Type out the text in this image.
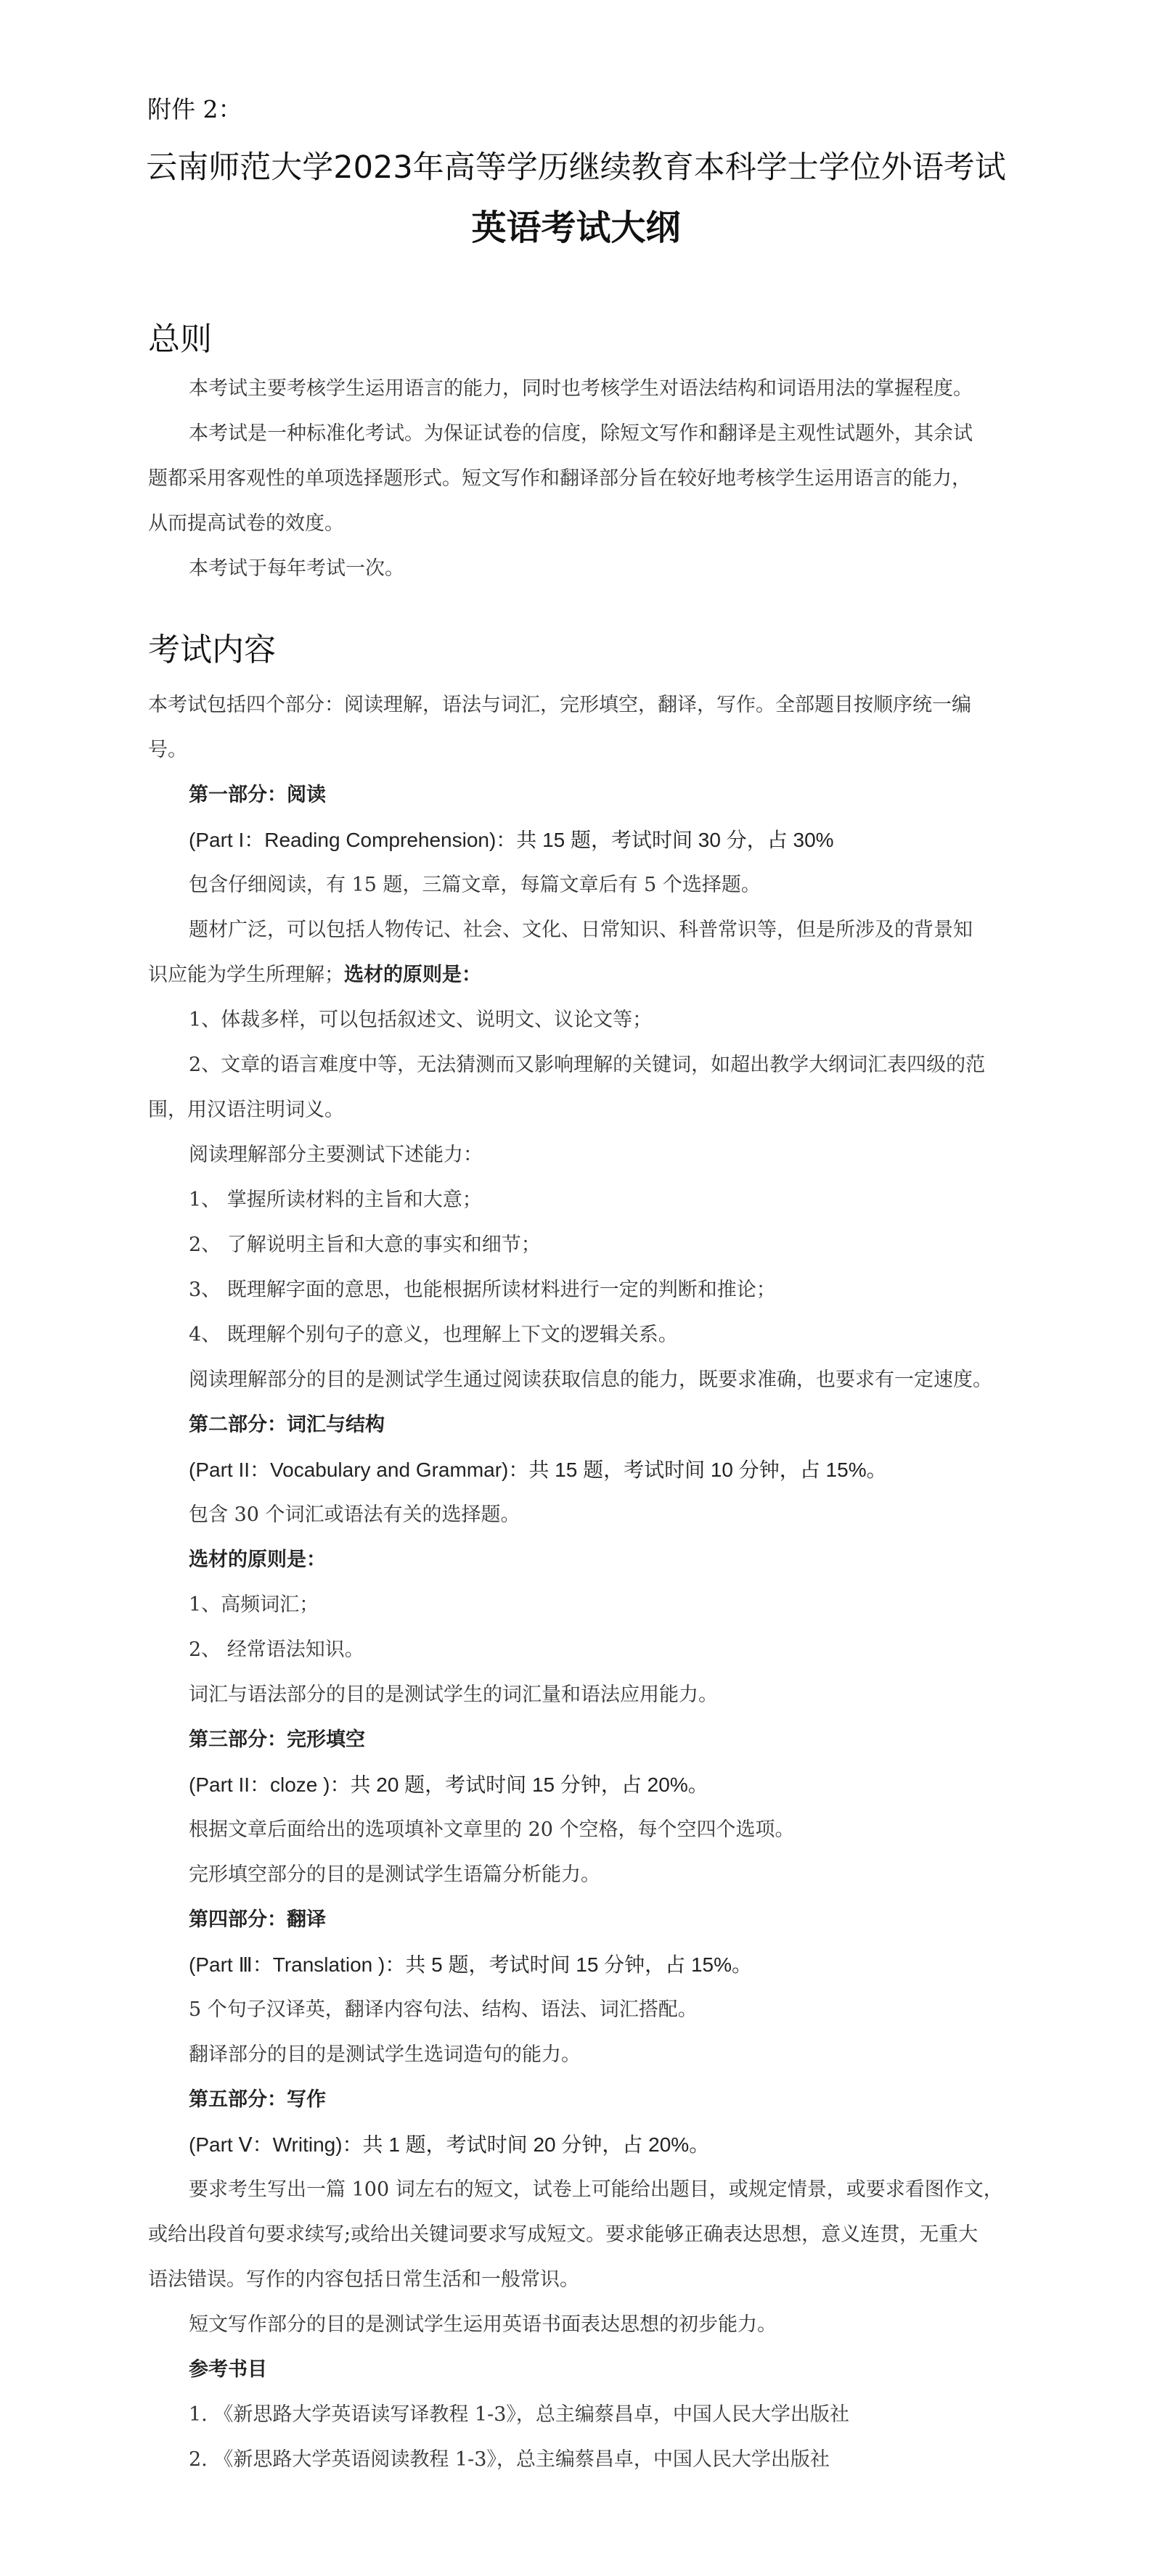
附件 2：
云南师范大学2023年高等学历继续教育本科学士学位外语考试
英语考试大纲
总则
本考试主要考核学生运用语言的能力，同时也考核学生对语法结构和词语用法的掌握程度。
本考试是一种标准化考试。为保证试卷的信度，除短文写作和翻译是主观性试题外，其余试
题都采用客观性的单项选择题形式。短文写作和翻译部分旨在较好地考核学生运用语言的能力，
从而提高试卷的效度。
本考试于每年考试一次。
考试内容
本考试包括四个部分：阅读理解，语法与词汇，完形填空，翻译，写作。全部题目按顺序统一编
号。
第一部分：阅读
(Part I：Reading Comprehension)：共 15 题，考试时间 30 分，占 30%
包含仔细阅读，有 15 题，三篇文章，每篇文章后有 5 个选择题。
题材广泛，可以包括人物传记、社会、文化、日常知识、科普常识等，但是所涉及的背景知
识应能为学生所理解；选材的原则是：
1、体裁多样，可以包括叙述文、说明文、议论文等；
2、文章的语言难度中等，无法猜测而又影响理解的关键词，如超出教学大纲词汇表四级的范
围，用汉语注明词义。
阅读理解部分主要测试下述能力：
1、 掌握所读材料的主旨和大意；
2、 了解说明主旨和大意的事实和细节；
3、 既理解字面的意思，也能根据所读材料进行一定的判断和推论；
4、 既理解个别句子的意义，也理解上下文的逻辑关系。
阅读理解部分的目的是测试学生通过阅读获取信息的能力，既要求准确，也要求有一定速度。
第二部分：词汇与结构
(Part II：Vocabulary and Grammar)：共 15 题，考试时间 10 分钟，占 15%。
包含 30 个词汇或语法有关的选择题。
选材的原则是：
1、高频词汇；
2、 经常语法知识。
词汇与语法部分的目的是测试学生的词汇量和语法应用能力。
第三部分：完形填空
(Part II：cloze )：共 20 题，考试时间 15 分钟，占 20%。
根据文章后面给出的选项填补文章里的 20 个空格，每个空四个选项。
完形填空部分的目的是测试学生语篇分析能力。
第四部分：翻译
(Part Ⅲ：Translation )：共 5 题，考试时间 15 分钟，占 15%。
5 个句子汉译英，翻译内容句法、结构、语法、词汇搭配。
翻译部分的目的是测试学生选词造句的能力。
第五部分：写作
(Part Ⅴ：Writing)：共 1 题，考试时间 20 分钟，占 20%。
要求考生写出一篇 100 词左右的短文，试卷上可能给出题目，或规定情景，或要求看图作文，
或给出段首句要求续写;或给出关键词要求写成短文。要求能够正确表达思想，意义连贯，无重大
语法错误。写作的内容包括日常生活和一般常识。
短文写作部分的目的是测试学生运用英语书面表达思想的初步能力。
参考书目
1. 《新思路大学英语读写译教程 1-3》，总主编蔡昌卓，中国人民大学出版社
2. 《新思路大学英语阅读教程 1-3》，总主编蔡昌卓，中国人民大学出版社
